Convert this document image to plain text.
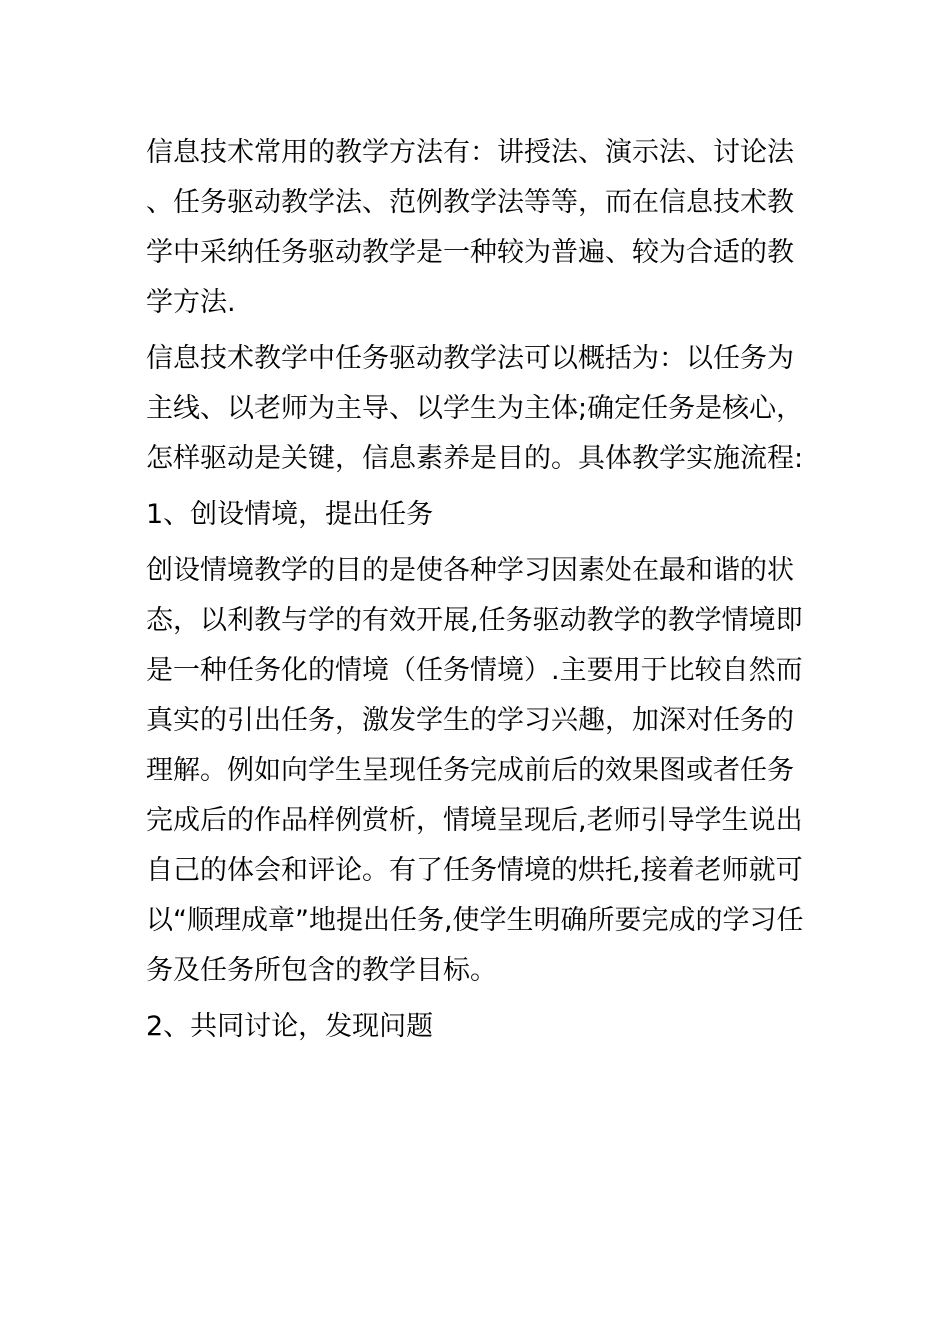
信息技术常用的教学方法有：讲授法、演示法、讨论法、任务驱动教学法、范例教学法等等，而在信息技术教学中采纳任务驱动教学是一种较为普遍、较为合适的教学方法.

信息技术教学中任务驱动教学法可以概括为：以任务为主线、以老师为主导、以学生为主体;确定任务是核心，怎样驱动是关键，信息素养是目的。具体教学实施流程:

1、创设情境，提出任务

创设情境教学的目的是使各种学习因素处在最和谐的状态，以利教与学的有效开展,任务驱动教学的教学情境即是一种任务化的情境（任务情境）.主要用于比较自然而真实的引出任务，激发学生的学习兴趣，加深对任务的理解。例如向学生呈现任务完成前后的效果图或者任务完成后的作品样例赏析，情境呈现后,老师引导学生说出自己的体会和评论。有了任务情境的烘托,接着老师就可以“顺理成章”地提出任务,使学生明确所要完成的学习任务及任务所包含的教学目标。

2、共同讨论，发现问题
